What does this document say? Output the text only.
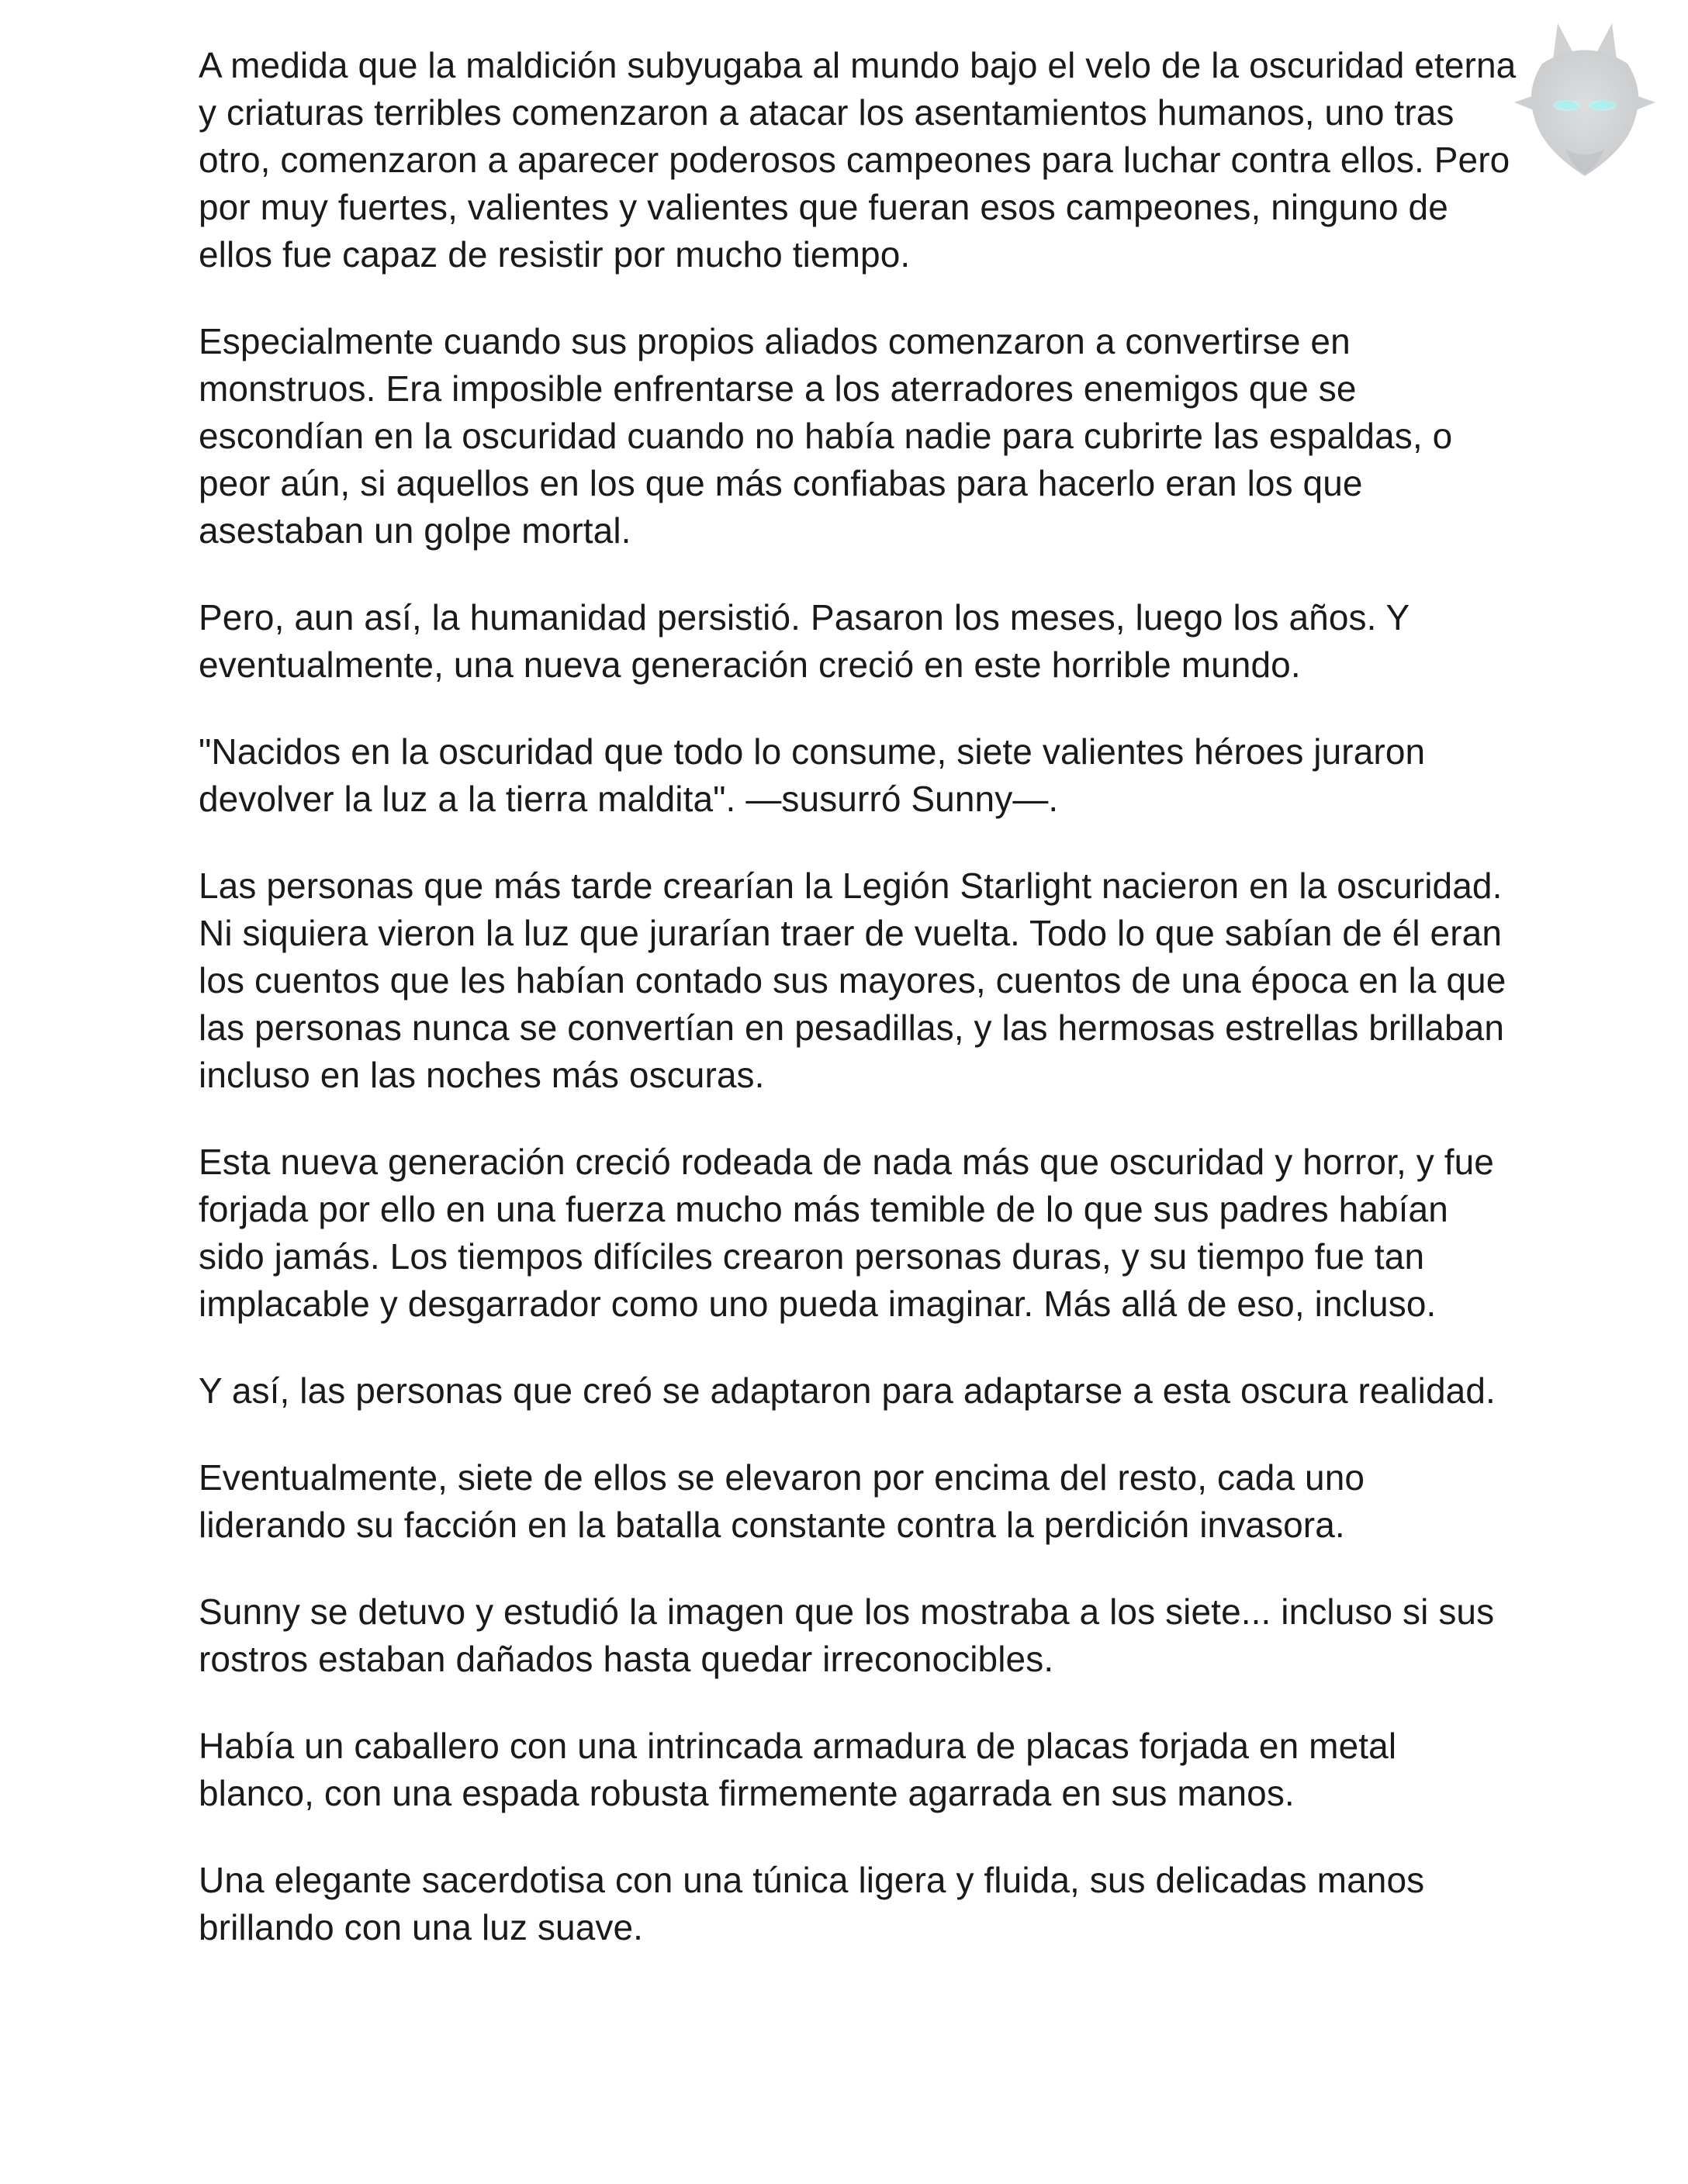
A medida que la maldición subyugaba al mundo bajo el velo de la oscuridad eterna y criaturas terribles comenzaron a atacar los asentamientos humanos, uno tras otro, comenzaron a aparecer poderosos campeones para luchar contra ellos. Pero por muy fuertes, valientes y valientes que fueran esos campeones, ninguno de ellos fue capaz de resistir por mucho tiempo.

Especialmente cuando sus propios aliados comenzaron a convertirse en monstruos. Era imposible enfrentarse a los aterradores enemigos que se escondían en la oscuridad cuando no había nadie para cubrirte las espaldas, o peor aún, si aquellos en los que más confiabas para hacerlo eran los que asestaban un golpe mortal.

Pero, aun así, la humanidad persistió. Pasaron los meses, luego los años. Y eventualmente, una nueva generación creció en este horrible mundo.

"Nacidos en la oscuridad que todo lo consume, siete valientes héroes juraron devolver la luz a la tierra maldita". —susurró Sunny—.

Las personas que más tarde crearían la Legión Starlight nacieron en la oscuridad. Ni siquiera vieron la luz que jurarían traer de vuelta. Todo lo que sabían de él eran los cuentos que les habían contado sus mayores, cuentos de una época en la que las personas nunca se convertían en pesadillas, y las hermosas estrellas brillaban incluso en las noches más oscuras.

Esta nueva generación creció rodeada de nada más que oscuridad y horror, y fue forjada por ello en una fuerza mucho más temible de lo que sus padres habían sido jamás. Los tiempos difíciles crearon personas duras, y su tiempo fue tan implacable y desgarrador como uno pueda imaginar. Más allá de eso, incluso.

Y así, las personas que creó se adaptaron para adaptarse a esta oscura realidad.

Eventualmente, siete de ellos se elevaron por encima del resto, cada uno liderando su facción en la batalla constante contra la perdición invasora.

Sunny se detuvo y estudió la imagen que los mostraba a los siete... incluso si sus rostros estaban dañados hasta quedar irreconocibles.

Había un caballero con una intrincada armadura de placas forjada en metal blanco, con una espada robusta firmemente agarrada en sus manos.

Una elegante sacerdotisa con una túnica ligera y fluida, sus delicadas manos brillando con una luz suave.
